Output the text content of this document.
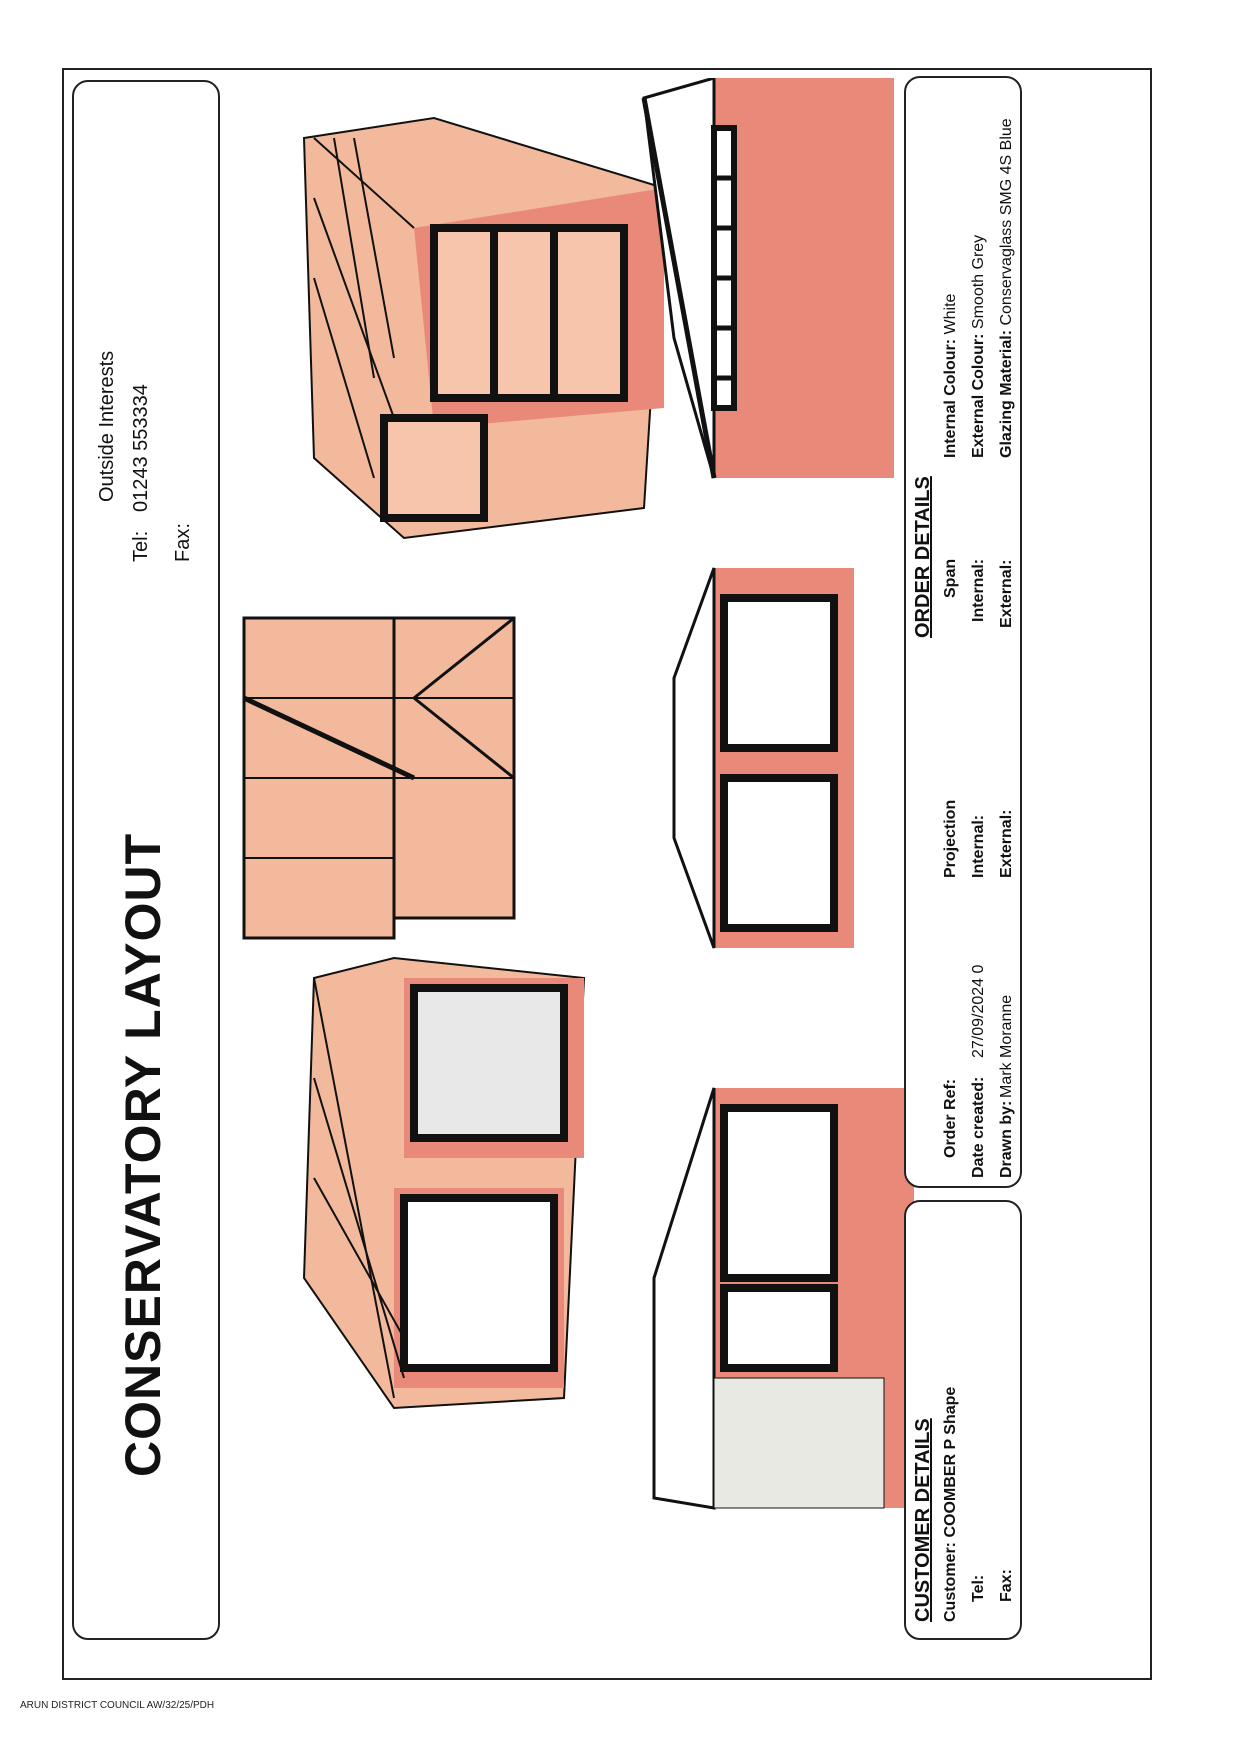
CONSERVATORY LAYOUT
Outside Interests
Tel:
01243 553334
Fax:	ORDER DETAILS Span Internal: External:
Projection Internal: External:
Order Ref: Date created:
27/09/2024 0
Drawn by:
Mark Moranne
Internal Colour: White
External Colour: Smooth Grey
Glazing Material: Conservaglass SMG 4S Blue
CUSTOMER DETAILS Customer: COOMBER P Shape
Tel: Fax:
ARUN DISTRICT COUNCIL AW/32/25/PDH
